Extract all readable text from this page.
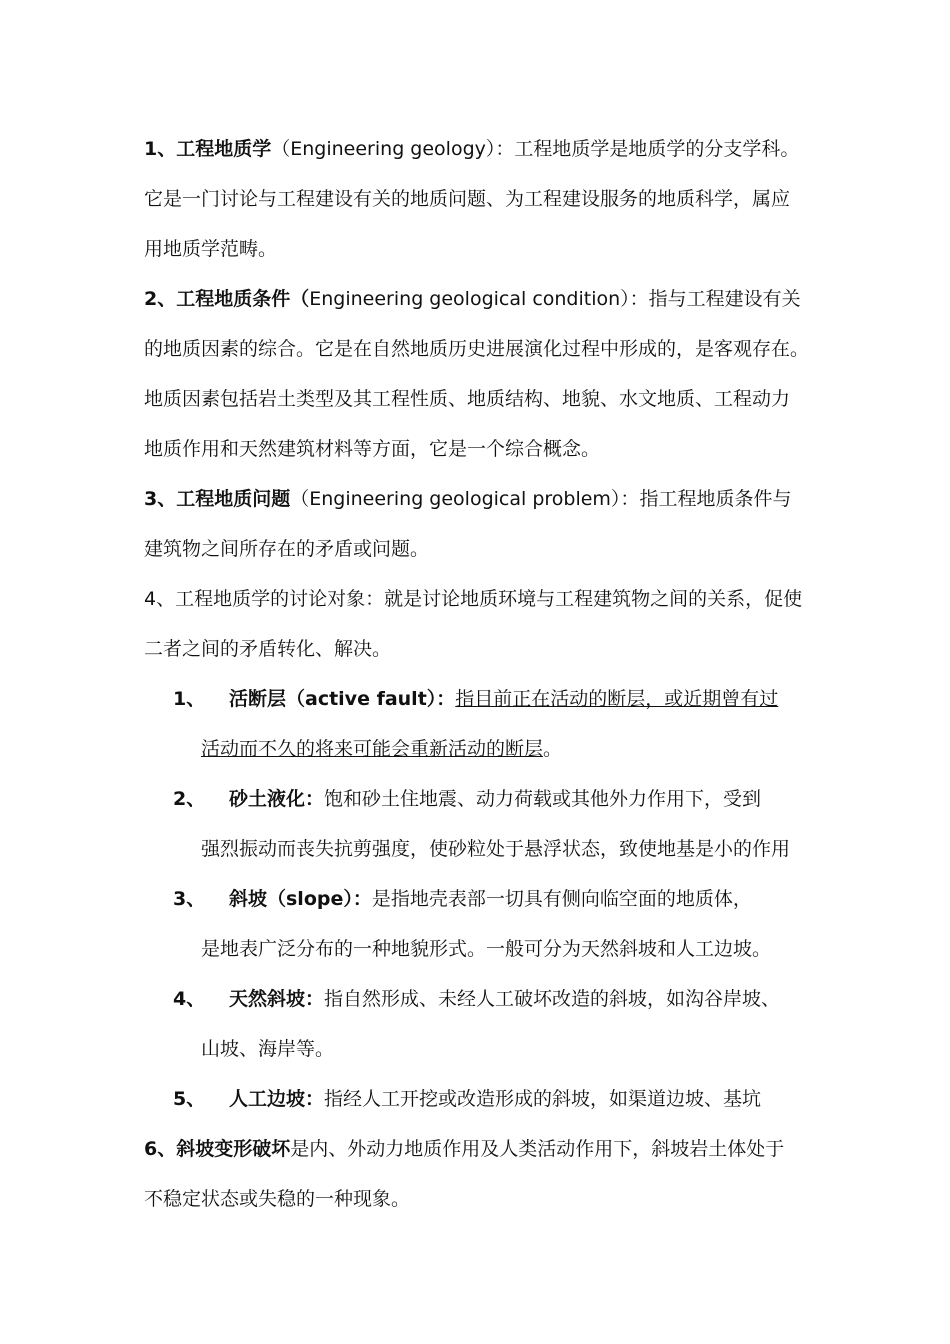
1、工程地质学（Engineering geology）：工程地质学是地质学的分支学科。
它是一门讨论与工程建设有关的地质问题、为工程建设服务的地质科学，属应
用地质学范畴。
2、工程地质条件（Engineering geological condition）：指与工程建设有关
的地质因素的综合。它是在自然地质历史进展演化过程中形成的，是客观存在。
地质因素包括岩土类型及其工程性质、地质结构、地貌、水文地质、工程动力
地质作用和天然建筑材料等方面，它是一个综合概念。
3、工程地质问题（Engineering geological problem）：指工程地质条件与
建筑物之间所存在的矛盾或问题。
4、工程地质学的讨论对象：就是讨论地质环境与工程建筑物之间的关系，促使
二者之间的矛盾转化、解决。
1、 活断层（active fault）：指目前正在活动的断层，或近期曾有过
活动而不久的将来可能会重新活动的断层。
2、 砂土液化：饱和砂土住地震、动力荷载或其他外力作用下，受到
强烈振动而丧失抗剪强度，使砂粒处于悬浮状态，致使地基是小的作用
3、 斜坡（slope）：是指地壳表部一切具有侧向临空面的地质体，
是地表广泛分布的一种地貌形式。一般可分为天然斜坡和人工边坡。
4、 天然斜坡：指自然形成、未经人工破坏改造的斜坡，如沟谷岸坡、
山坡、海岸等。
5、 人工边坡：指经人工开挖或改造形成的斜坡，如渠道边坡、基坑
6、斜坡变形破坏是内、外动力地质作用及人类活动作用下，斜坡岩土体处于
不稳定状态或失稳的一种现象。
